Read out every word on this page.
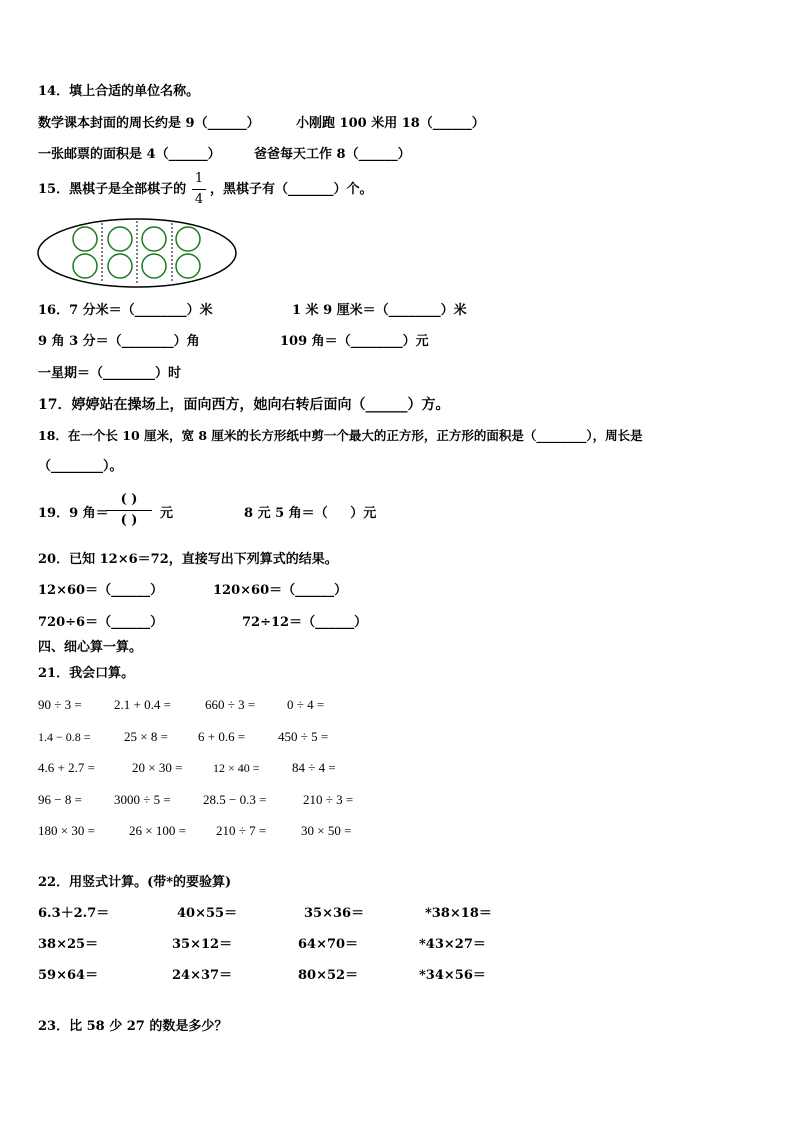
14．填上合适的单位名称。
数学课本封面的周长约是 9（______）	小刚跑 100 米用 18（______）
一张邮票的面积是 4（______）	爸爸每天工作 8（______）
15．黑棋子是全部棋子的
1
4
，黑棋子有（_______）个。
16．7 分米＝（________）米	1 米 9 厘米＝（________）米
9 角 3 分＝（________）角	109 角＝（________）元
一星期＝（________）时
17．婷婷站在操场上，面向西方，她向右转后面向（______）方。
18．在一个长 10 厘米，宽 8 厘米的长方形纸中剪一个最大的正方形，正方形的面积是（________），周长是
（________）。
19．9 角＝
( )
( )	元	8 元 5 角＝（     ）元
20．已知 12×6＝72，直接写出下列算式的结果。
12×60＝（______）	120×60＝（______）
720÷6＝（______）	72÷12＝（______）
四、细心算一算。
21．我会口算。
90 ÷ 3 = 2.1 + 0.4 =	660 ÷ 3 = 0 ÷ 4 =
1.4 − 0.8 =	25 × 8 = 6 + 0.6 =	450 ÷ 5 =
4.6 + 2.7 =	20 × 30 =	12 × 40 = 84 ÷ 4 =
96 − 8 = 3000 ÷ 5 = 28.5 − 0.3 =	210 ÷ 3 =
180 × 30 =	26 × 100 = 210 ÷ 7 =	30 × 50 =
22．用竖式计算。(带*的要验算)
6.3＋2.7＝	40×55＝	35×36＝	*38×18＝
38×25＝	35×12＝	64×70＝	*43×27＝
59×64＝	24×37＝	80×52＝	*34×56＝
23．比 58 少 27 的数是多少？
